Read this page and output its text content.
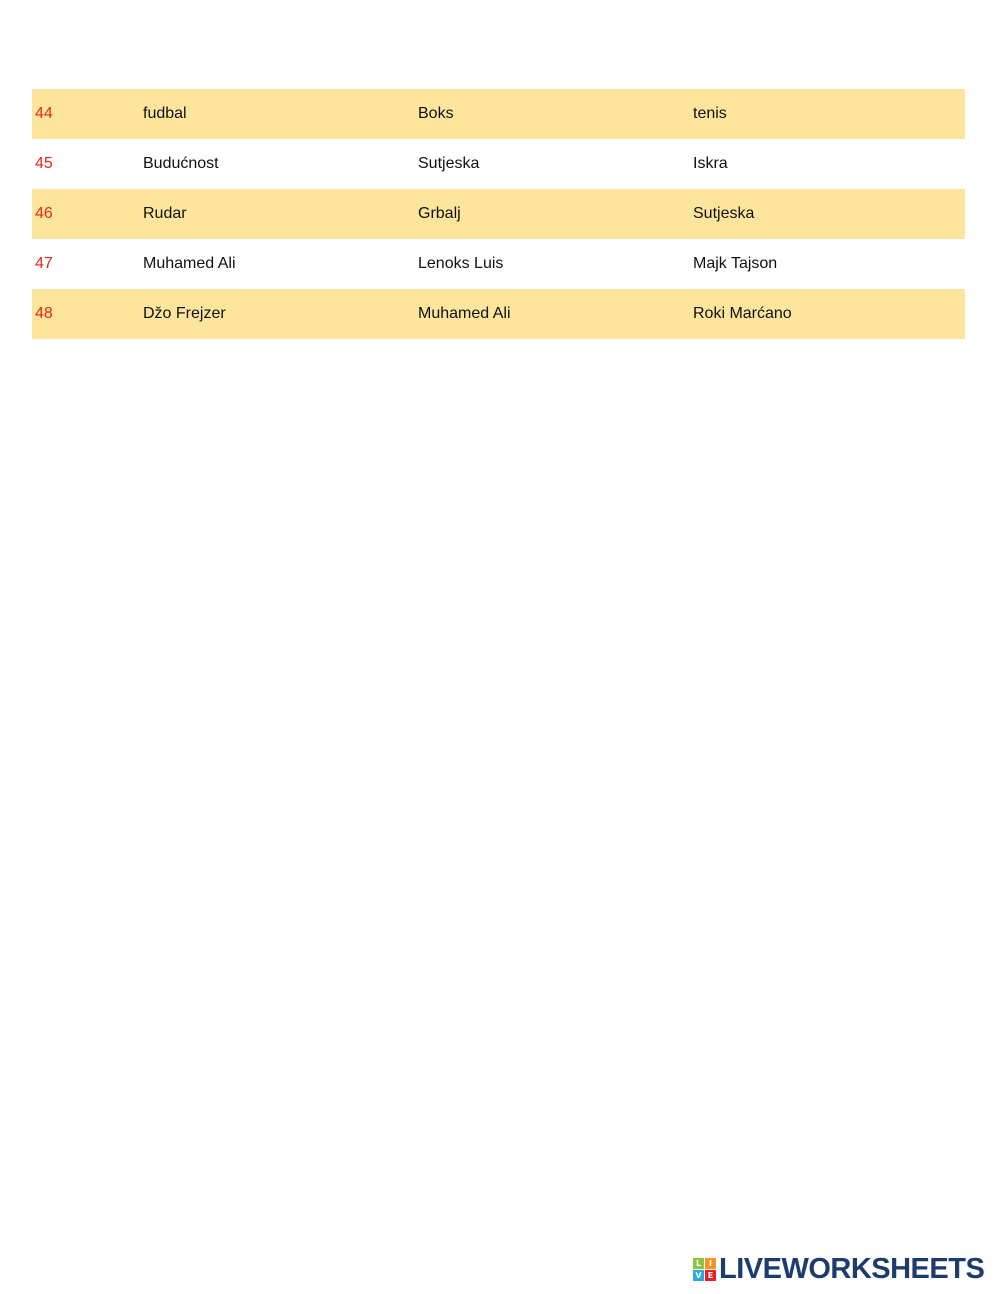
44	fudbal	Boks	tenis
45	Budućnost	Sutjeska	Iskra
46	Rudar	Grbalj	Sutjeska
47	Muhamed Ali	Lenoks Luis	Majk Tajson
48	Džo Frejzer	Muhamed Ali	Roki Marćano
L I
V E LIVEWORKSHEETS
